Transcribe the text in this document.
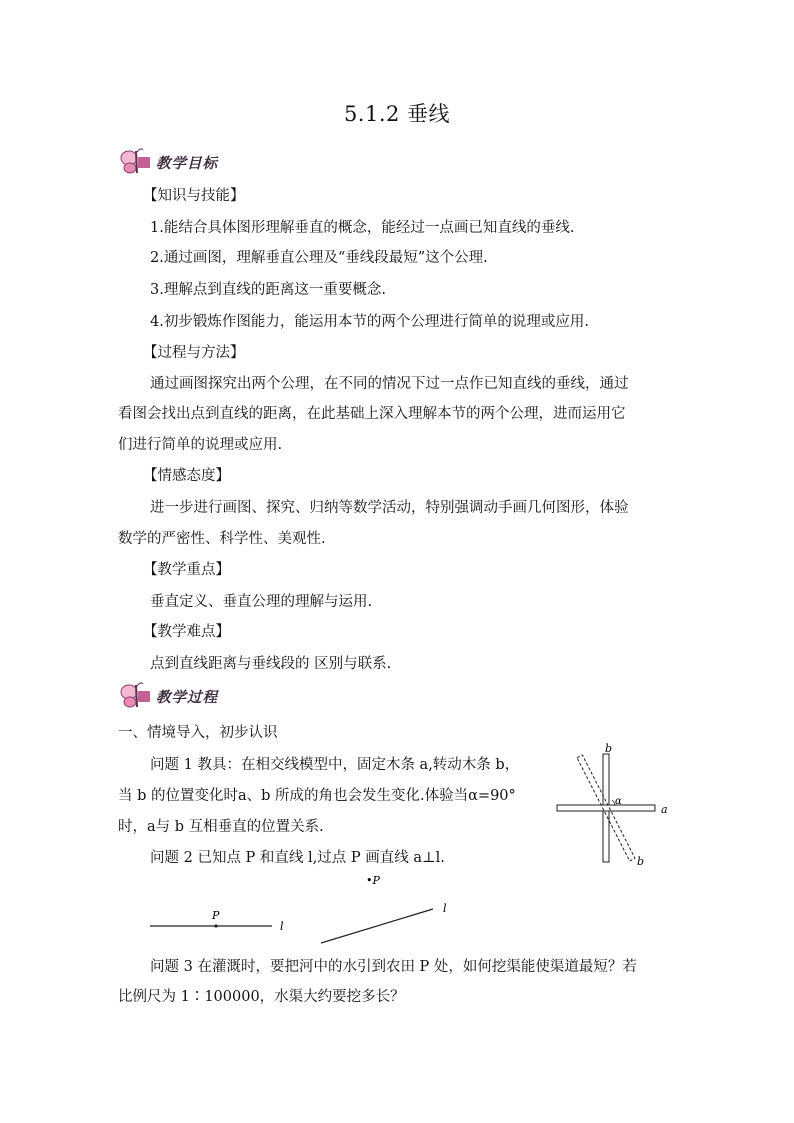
5.1.2 垂线
教学目标
【知识与技能】
1.能结合具体图形理解垂直的概念，能经过一点画已知直线的垂线.
2.通过画图，理解垂直公理及“垂线段最短”这个公理.
3.理解点到直线的距离这一重要概念.
4.初步锻炼作图能力，能运用本节的两个公理进行简单的说理或应用.
【过程与方法】
通过画图探究出两个公理，在不同的情况下过一点作已知直线的垂线，通过
看图会找出点到直线的距离，在此基础上深入理解本节的两个公理，进而运用它
们进行简单的说理或应用.
【情感态度】
进一步进行画图、探究、归纳等数学活动，特别强调动手画几何图形，体验
数学的严密性、科学性、美观性.
【教学重点】
垂直定义、垂直公理的理解与运用.
【教学难点】
点到直线距离与垂线段的 区别与联系.
教学过程
一、情境导入，初步认识
问题 1 教具：在相交线模型中，固定木条 a,转动木条 b，
当 b 的位置变化时a、b 所成的角也会发生变化.体验当α=90°
时，a与 b 互相垂直的位置关系.
问题 2 已知点 P 和直线 l,过点 P 画直线 a⊥l.
b
b
a
α
P
l
•P
l
问题 3 在灌溉时，要把河中的水引到农田 P 处，如何挖渠能使渠道最短？若
比例尺为 1∶100000，水渠大约要挖多长？
